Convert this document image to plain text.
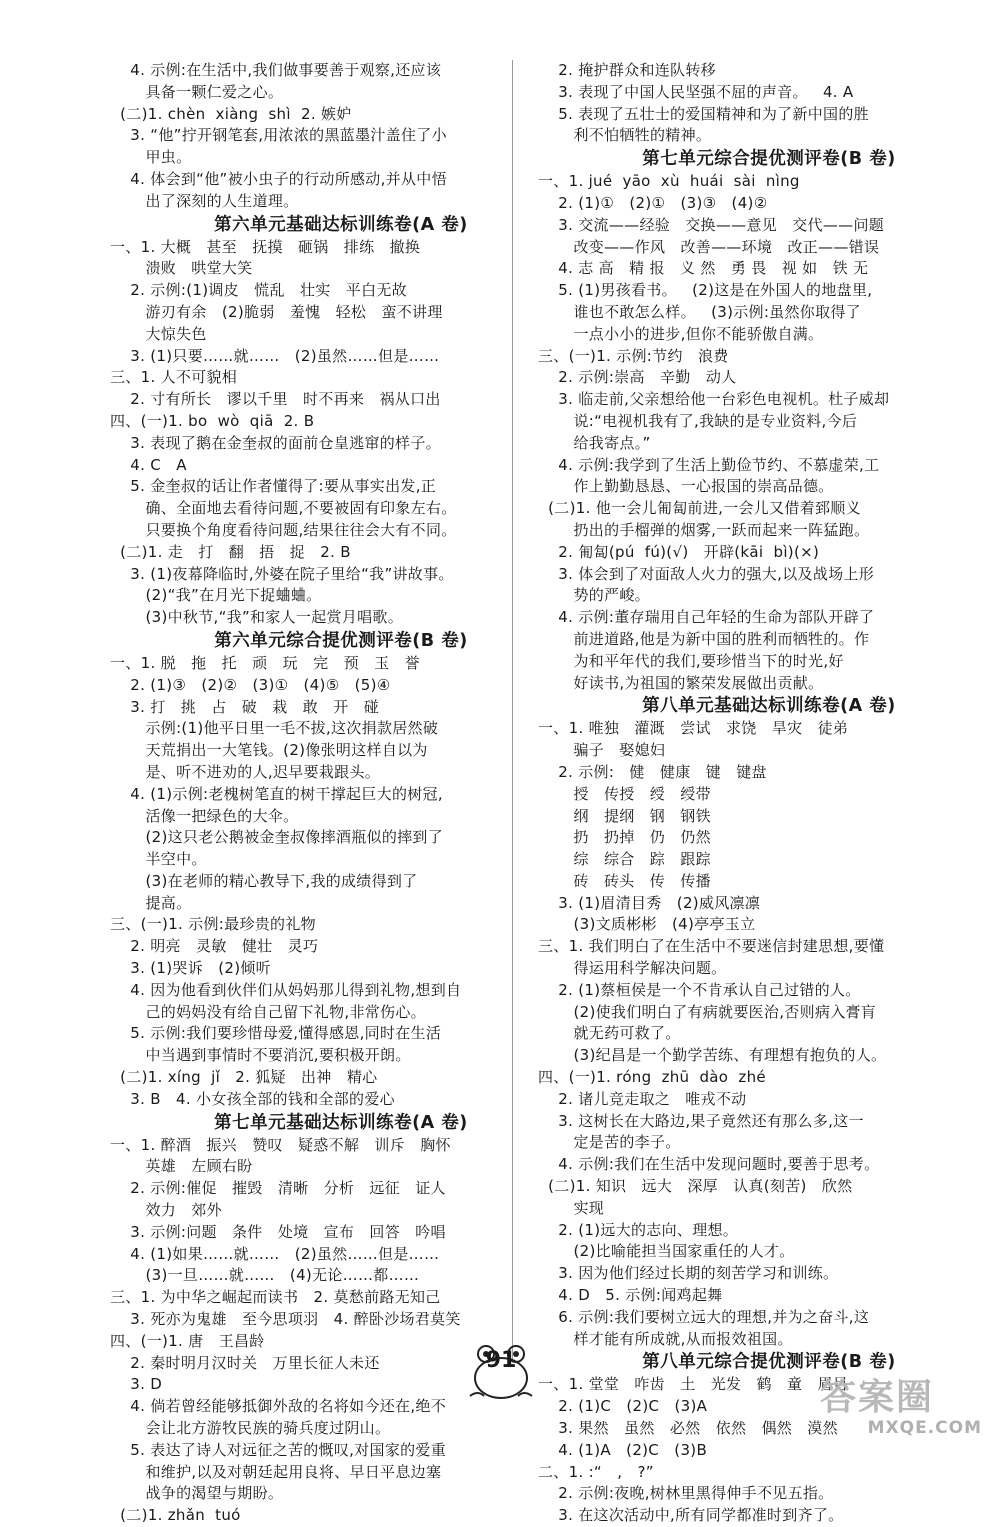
4. 示例:在生活中,我们做事要善于观察,还应该
具备一颗仁爱之心。
(二)1. chèn  xiàng  shì  2. 嫉妒
3. “他”拧开钢笔套,用浓浓的黑蓝墨汁盖住了小
甲虫。
4. 体会到“他”被小虫子的行动所感动,并从中悟
出了深刻的人生道理。
第六单元基础达标训练卷(A 卷)
一、1. 大概   甚至   抚摸   砸锅   排练   撤换
溃败   哄堂大笑
2. 示例:(1)调皮   慌乱   壮实   平白无故
游刃有余   (2)脆弱   羞愧   轻松   蛮不讲理
大惊失色
3. (1)只要……就……   (2)虽然……但是……
三、1. 人不可貌相
2. 寸有所长   谬以千里   时不再来   祸从口出
四、(一)1. bo  wò  qiā  2. B
3. 表现了鹅在金奎叔的面前仓皇逃窜的样子。
4. C   A
5. 金奎叔的话让作者懂得了:要从事实出发,正
确、全面地去看待问题,不要被固有印象左右。
只要换个角度看待问题,结果往往会大有不同。
(二)1. 走   打   翻   捂   捉   2. B
3. (1)夜幕降临时,外婆在院子里给“我”讲故事。
(2)“我”在月光下捉蛐蛐。
(3)中秋节,“我”和家人一起赏月唱歌。
第六单元综合提优测评卷(B 卷)
一、1. 脱   拖   托   顽   玩   完   预   玉   誉
2. (1)③   (2)②   (3)①   (4)⑤   (5)④
3. 打   挑   占   破   栽   敢   开   碰
示例:(1)他平日里一毛不拔,这次捐款居然破
天荒捐出一大笔钱。(2)像张明这样自以为
是、听不进劝的人,迟早要栽跟头。
4. (1)示例:老槐树笔直的树干撑起巨大的树冠,
活像一把绿色的大伞。
(2)这只老公鹅被金奎叔像摔酒瓶似的摔到了
半空中。
(3)在老师的精心教导下,我的成绩得到了
提高。
三、(一)1. 示例:最珍贵的礼物
2. 明亮   灵敏   健壮   灵巧
3. (1)哭诉   (2)倾听
4. 因为他看到伙伴们从妈妈那儿得到礼物,想到自
己的妈妈没有给自己留下礼物,非常伤心。
5. 示例:我们要珍惜母爱,懂得感恩,同时在生活
中当遇到事情时不要消沉,要积极开朗。
(二)1. xíng  jǐ   2. 狐疑   出神   精心
3. B   4. 小女孩全部的钱和全部的爱心
第七单元基础达标训练卷(A 卷)
一、1. 醉酒   振兴   赞叹   疑惑不解   训斥   胸怀
英雄   左顾右盼
2. 示例:催促   摧毁   清晰   分析   远征   证人
效力   郊外
3. 示例:问题   条件   处境   宣布   回答   吟唱
4. (1)如果……就……   (2)虽然……但是……
(3)一旦……就……   (4)无论……都……
三、1. 为中华之崛起而读书   2. 莫愁前路无知己
3. 死亦为鬼雄   至今思项羽   4. 醉卧沙场君莫笑
四、(一)1. 唐   王昌龄
2. 秦时明月汉时关   万里长征人未还
3. D
4. 倘若曾经能够抵御外敌的名将如今还在,绝不
会让北方游牧民族的骑兵度过阴山。
5. 表达了诗人对远征之苦的慨叹,对国家的爱重
和维护,以及对朝廷起用良将、早日平息边塞
战争的渴望与期盼。
(二)1. zhǎn  tuó
2. 掩护群众和连队转移
3. 表现了中国人民坚强不屈的声音。   4. A
5. 表现了五壮士的爱国精神和为了新中国的胜
利不怕牺牲的精神。
第七单元综合提优测评卷(B 卷)
一、1. jué  yāo  xù  huái  sài  nìng
2. (1)①   (2)①   (3)③   (4)②
3. 交流——经验   交换——意见   交代——问题
改变——作风   改善——环境   改正——错误
4. 志 高   精 报   义 然   勇 畏   视 如   铁 无
5. (1)男孩看书。   (2)这是在外国人的地盘里,
谁也不敢怎么样。   (3)示例:虽然你取得了
一点小小的进步,但你不能骄傲自满。
三、(一)1. 示例:节约   浪费
2. 示例:崇高   辛勤   动人
3. 临走前,父亲想给他一台彩色电视机。杜子威却
说:“电视机我有了,我缺的是专业资料,今后
给我寄点。”
4. 示例:我学到了生活上勤俭节约、不慕虚荣,工
作上勤勤恳恳、一心报国的崇高品德。
(二)1. 他一会儿匍匐前进,一会儿又借着郅顺义
扔出的手榴弹的烟雾,一跃而起来一阵猛跑。
2. 匍匐(pú  fú)(√)   开辟(kāi  bì)(×)
3. 体会到了对面敌人火力的强大,以及战场上形
势的严峻。
4. 示例:董存瑞用自己年轻的生命为部队开辟了
前进道路,他是为新中国的胜利而牺牲的。作
为和平年代的我们,要珍惜当下的时光,好
好读书,为祖国的繁荣发展做出贡献。
第八单元基础达标训练卷(A 卷)
一、1. 唯独   灌溉   尝试   求饶   旱灾   徒弟
骗子   娶媳妇
2. 示例:   健   健康   键   键盘
授   传授   绶   绶带
纲   提纲   钢   钢铁
扔   扔掉   仍   仍然
综   综合   踪   跟踪
砖   砖头   传   传播
3. (1)眉清目秀   (2)威风凛凛
(3)文质彬彬   (4)亭亭玉立
三、1. 我们明白了在生活中不要迷信封建思想,要懂
得运用科学解决问题。
2. (1)蔡桓侯是一个不肯承认自己过错的人。
(2)使我们明白了有病就要医治,否则病入膏肓
就无药可救了。
(3)纪昌是一个勤学苦练、有理想有抱负的人。
四、(一)1. róng  zhū  dào  zhé
2. 诸儿竞走取之   唯戎不动
3. 这树长在大路边,果子竟然还有那么多,这一
定是苦的李子。
4. 示例:我们在生活中发现问题时,要善于思考。
(二)1. 知识   远大   深厚   认真(刻苦)   欣然
实现
2. (1)远大的志向、理想。
(2)比喻能担当国家重任的人才。
3. 因为他们经过长期的刻苦学习和训练。
4. D   5. 示例:闻鸡起舞
6. 示例:我们要树立远大的理想,并为之奋斗,这
样才能有所成就,从而报效祖国。
第八单元综合提优测评卷(B 卷)
一、1. 堂堂   咋齿   土   光发   鹤   童   眉目
2. (1)C   (2)C   (3)A
3. 果然   虽然   必然   依然   偶然   漠然
4. (1)A   (2)C   (3)B
二、1. :“   ,   ?”
2. 示例:夜晚,树林里黑得伸手不见五指。
3. 在这次活动中,所有同学都准时到齐了。
91
答案圈
MXQE.COM
